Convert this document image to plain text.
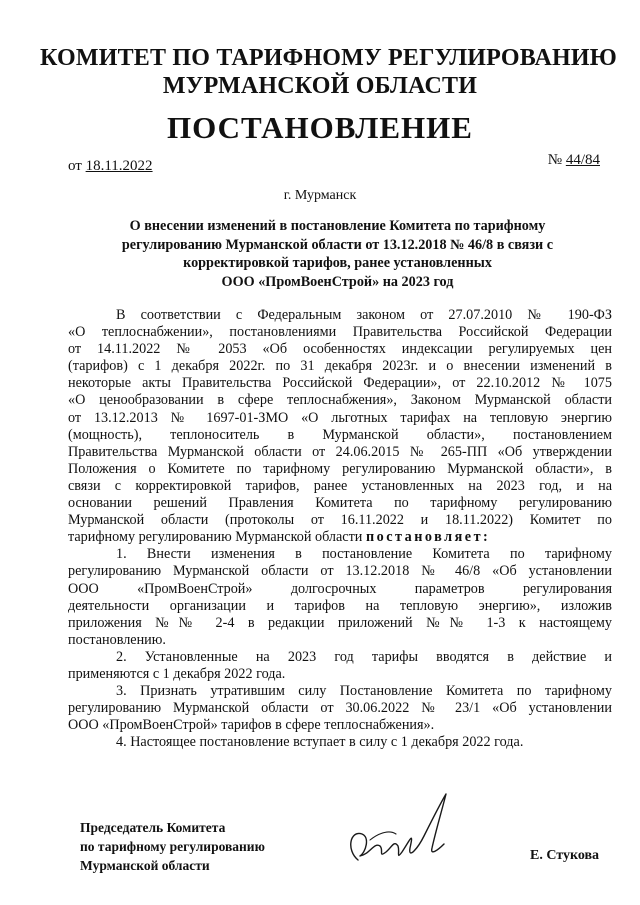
КОМИТЕТ ПО ТАРИФНОМУ РЕГУЛИРОВАНИЮ
МУРМАНСКОЙ ОБЛАСТИ
ПОСТАНОВЛЕНИЕ
от 18.11.2022	№ 44/84
г. Мурманск
О внесении изменений в постановление Комитета по тарифному
регулированию Мурманской области от 13.12.2018 № 46/8 в связи с
корректировкой тарифов, ранее установленных
ООО «ПромВоенСтрой» на 2023 год

В соответствии с Федеральным законом от 27.07.2010 № 190-ФЗ
«О теплоснабжении», постановлениями Правительства Российской Федерации
от 14.11.2022 № 2053 «Об особенностях индексации регулируемых цен
(тарифов) с 1 декабря 2022г. по 31 декабря 2023г. и о внесении изменений в
некоторые акты Правительства Российской Федерации», от 22.10.2012 № 1075
«О ценообразовании в сфере теплоснабжения», Законом Мурманской области
от 13.12.2013 № 1697-01-ЗМО «О льготных тарифах на тепловую энергию
(мощность), теплоноситель в Мурманской области», постановлением
Правительства Мурманской области от 24.06.2015 № 265-ПП «Об утверждении
Положения о Комитете по тарифному регулированию Мурманской области», в
связи с корректировкой тарифов, ранее установленных на 2023 год, и на
основании решений Правления Комитета по тарифному регулированию
Мурманской области (протоколы от 16.11.2022 и 18.11.2022) Комитет по
тарифному регулированию Мурманской области постановляет:

1. Внести изменения в постановление Комитета по тарифному
регулированию Мурманской области от 13.12.2018 № 46/8 «Об установлении
ООО «ПромВоенСтрой» долгосрочных параметров регулирования
деятельности организации и тарифов на тепловую энергию», изложив
приложения №№ 2-4 в редакции приложений №№ 1-3 к настоящему
постановлению.

2. Установленные на 2023 год тарифы вводятся в действие и
применяются с 1 декабря 2022 года.

3. Признать утратившим силу Постановление Комитета по тарифному
регулированию Мурманской области от 30.06.2022 № 23/1 «Об установлении
ООО «ПромВоенСтрой» тарифов в сфере теплоснабжения».

4. Настоящее постановление вступает в силу с 1 декабря 2022 года.

Председатель Комитета
по тарифному регулированию
Мурманской области
Е. Стукова
